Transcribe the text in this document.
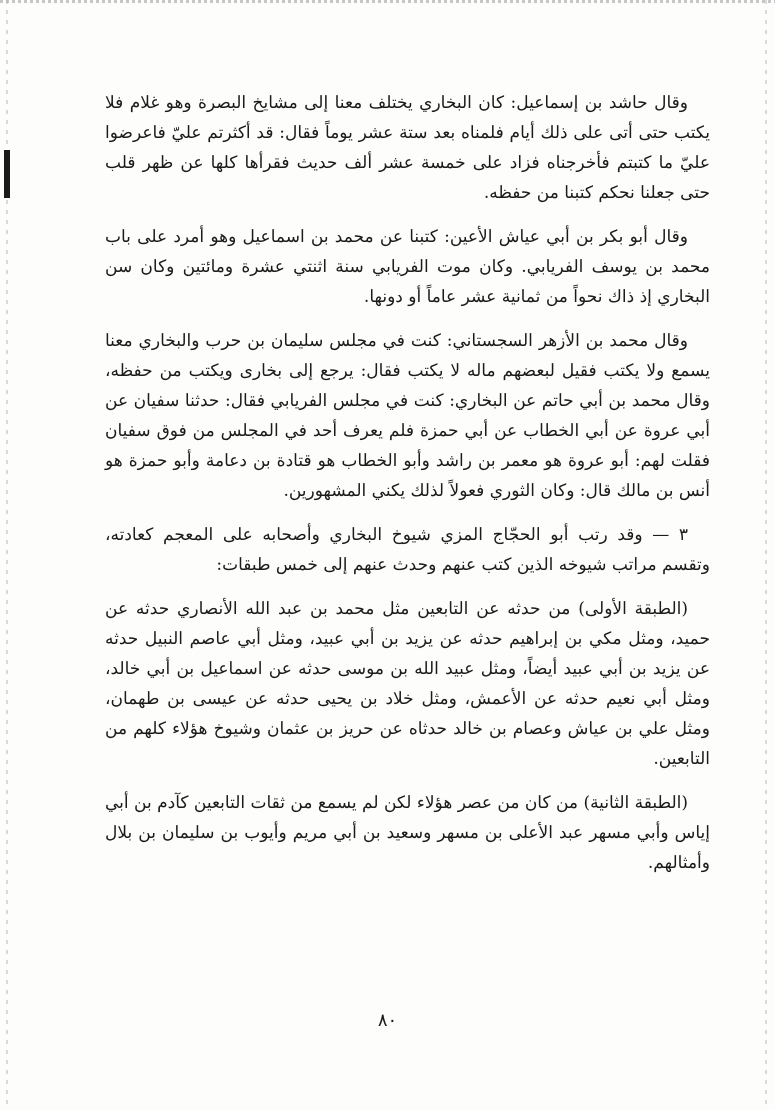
وقال حاشد بن إسماعيل: كان البخاري يختلف معنا إلى مشايخ البصرة وهو غلام فلا يكتب حتى أتى على ذلك أيام فلمناه بعد ستة عشر يوماً فقال: قد أكثرتم عليّ فاعرضوا عليّ ما كتبتم فأخرجناه فزاد على خمسة عشر ألف حديث فقرأها كلها عن ظهر قلب حتى جعلنا نحكم كتبنا من حفظه.

وقال أبو بكر بن أبي عياش الأعين: كتبنا عن محمد بن اسماعيل وهو أمرد على باب محمد بن يوسف الفريابي. وكان موت الفريابي سنة اثنتي عشرة ومائتين وكان سن البخاري إذ ذاك نحواً من ثمانية عشر عاماً أو دونها.

وقال محمد بن الأزهر السجستاني: كنت في مجلس سليمان بن حرب والبخاري معنا يسمع ولا يكتب فقيل لبعضهم ماله لا يكتب فقال: يرجع إلى بخارى ويكتب من حفظه، وقال محمد بن أبي حاتم عن البخاري: كنت في مجلس الفريابي فقال: حدثنا سفيان عن أبي عروة عن أبي الخطاب عن أبي حمزة فلم يعرف أحد في المجلس من فوق سفيان فقلت لهم: أبو عروة هو معمر بن راشد وأبو الخطاب هو قتادة بن دعامة وأبو حمزة هو أنس بن مالك قال: وكان الثوري فعولاً لذلك يكني المشهورين.

٣ — وقد رتب أبو الحجّاج المزي شيوخ البخاري وأصحابه على المعجم كعادته، وتقسم مراتب شيوخه الذين كتب عنهم وحدث عنهم إلى خمس طبقات:

(الطبقة الأولى) من حدثه عن التابعين مثل محمد بن عبد الله الأنصاري حدثه عن حميد، ومثل مكي بن إبراهيم حدثه عن يزيد بن أبي عبيد، ومثل أبي عاصم النبيل حدثه عن يزيد بن أبي عبيد أيضاً، ومثل عبيد الله بن موسى حدثه عن اسماعيل بن أبي خالد، ومثل أبي نعيم حدثه عن الأعمش، ومثل خلاد بن يحيى حدثه عن عيسى بن طهمان، ومثل علي بن عياش وعصام بن خالد حدثاه عن حريز بن عثمان وشيوخ هؤلاء كلهم من التابعين.

(الطبقة الثانية) من كان من عصر هؤلاء لكن لم يسمع من ثقات التابعين كآدم بن أبي إياس وأبي مسهر عبد الأعلى بن مسهر وسعيد بن أبي مريم وأيوب بن سليمان بن بلال وأمثالهم.

٨٠
